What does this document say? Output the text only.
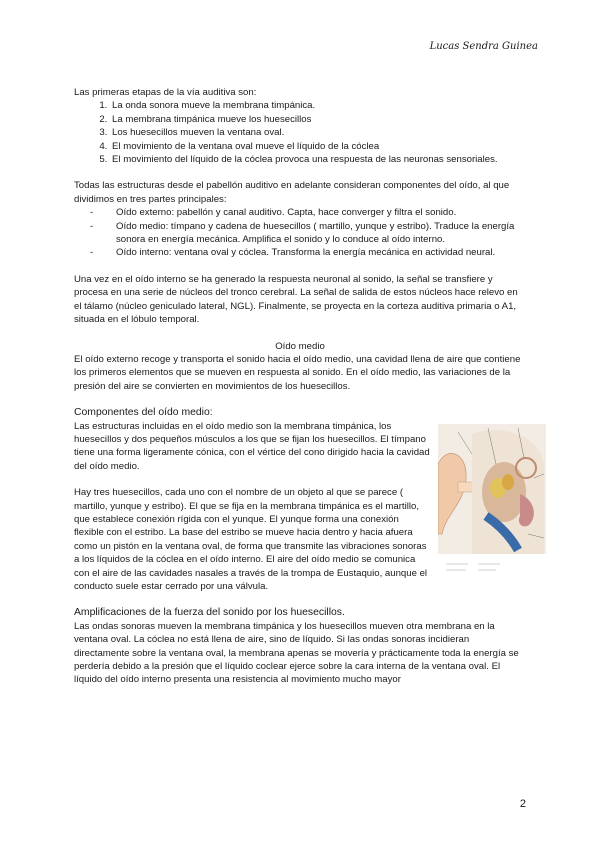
Lucas Sendra Guinea

Las primeras etapas de la vía auditiva son:

1. La onda sonora mueve la membrana timpánica.
2. La membrana timpánica mueve los huesecillos
3. Los huesecillos mueven la ventana oval.
4. El movimiento de la ventana oval mueve el líquido de la cóclea
5. El movimiento del líquido de la cóclea provoca una respuesta de las neuronas sensoriales.

Todas las estructuras desde el pabellón auditivo en adelante consideran componentes del oído, al que dividimos en tres partes principales:

- Oído externo: pabellón y canal auditivo. Capta, hace converger y filtra el sonido.
- Oído medio: tímpano y cadena de huesecillos ( martillo, yunque y estribo). Traduce la energía sonora en energía mecánica. Amplifica el sonido y lo conduce al oído interno.
- Oído interno: ventana oval y cóclea. Transforma la energía mecánica en actividad neural.

Una vez en el oído interno se ha generado la respuesta neuronal al sonido, la señal se transfiere y procesa en una serie de núcleos del tronco cerebral. La señal de salida de estos núcleos hace relevo en el tálamo (núcleo geniculado lateral, NGL). Finalmente, se proyecta en la corteza auditiva primaria o A1, situada en el lóbulo temporal.

Oído medio

El oído externo recoge y transporta el sonido hacia el oído medio, una cavidad llena de aire que contiene los primeros elementos que se mueven en respuesta al sonido. En el oído medio, las variaciones de la presión del aire se convierten en movimientos de los huesecillos.

Componentes del oído medio:

Las estructuras incluidas en el oído medio son la membrana timpánica, los huesecillos y dos pequeños músculos a los que se fijan los huesecillos. El tímpano tiene una forma ligeramente cónica, con el vértice del cono dirigido hacia la cavidad del oído medio.

Hay tres huesecillos, cada uno con el nombre de un objeto al que se parece ( martillo, yunque y estribo). El que se fija en la membrana timpánica es el martillo, que establece conexión rígida con el yunque. El yunque forma una conexión flexible con el estribo. La base del estribo se mueve hacia dentro y hacia afuera como un pistón en la ventana oval, de forma que transmite las vibraciones sonoras a los líquidos de la cóclea en el oído interno. El aire del oído medio se comunica con el aire de las cavidades nasales a través de la trompa de Eustaquio, aunque el conducto suele estar cerrado por una válvula.

Amplificaciones de la fuerza del sonido por los huesecillos.

Las ondas sonoras mueven la membrana timpánica y los huesecillos mueven otra membrana en la ventana oval. La cóclea no está llena de aire, sino de líquido. Si las ondas sonoras incidieran directamente sobre la ventana oval, la membrana apenas se movería y prácticamente toda la energía se perdería debido a la presión que el líquido coclear ejerce sobre la cara interna de la ventana oval. El líquido del oído interno presenta una resistencia al movimiento mucho mayor

2
